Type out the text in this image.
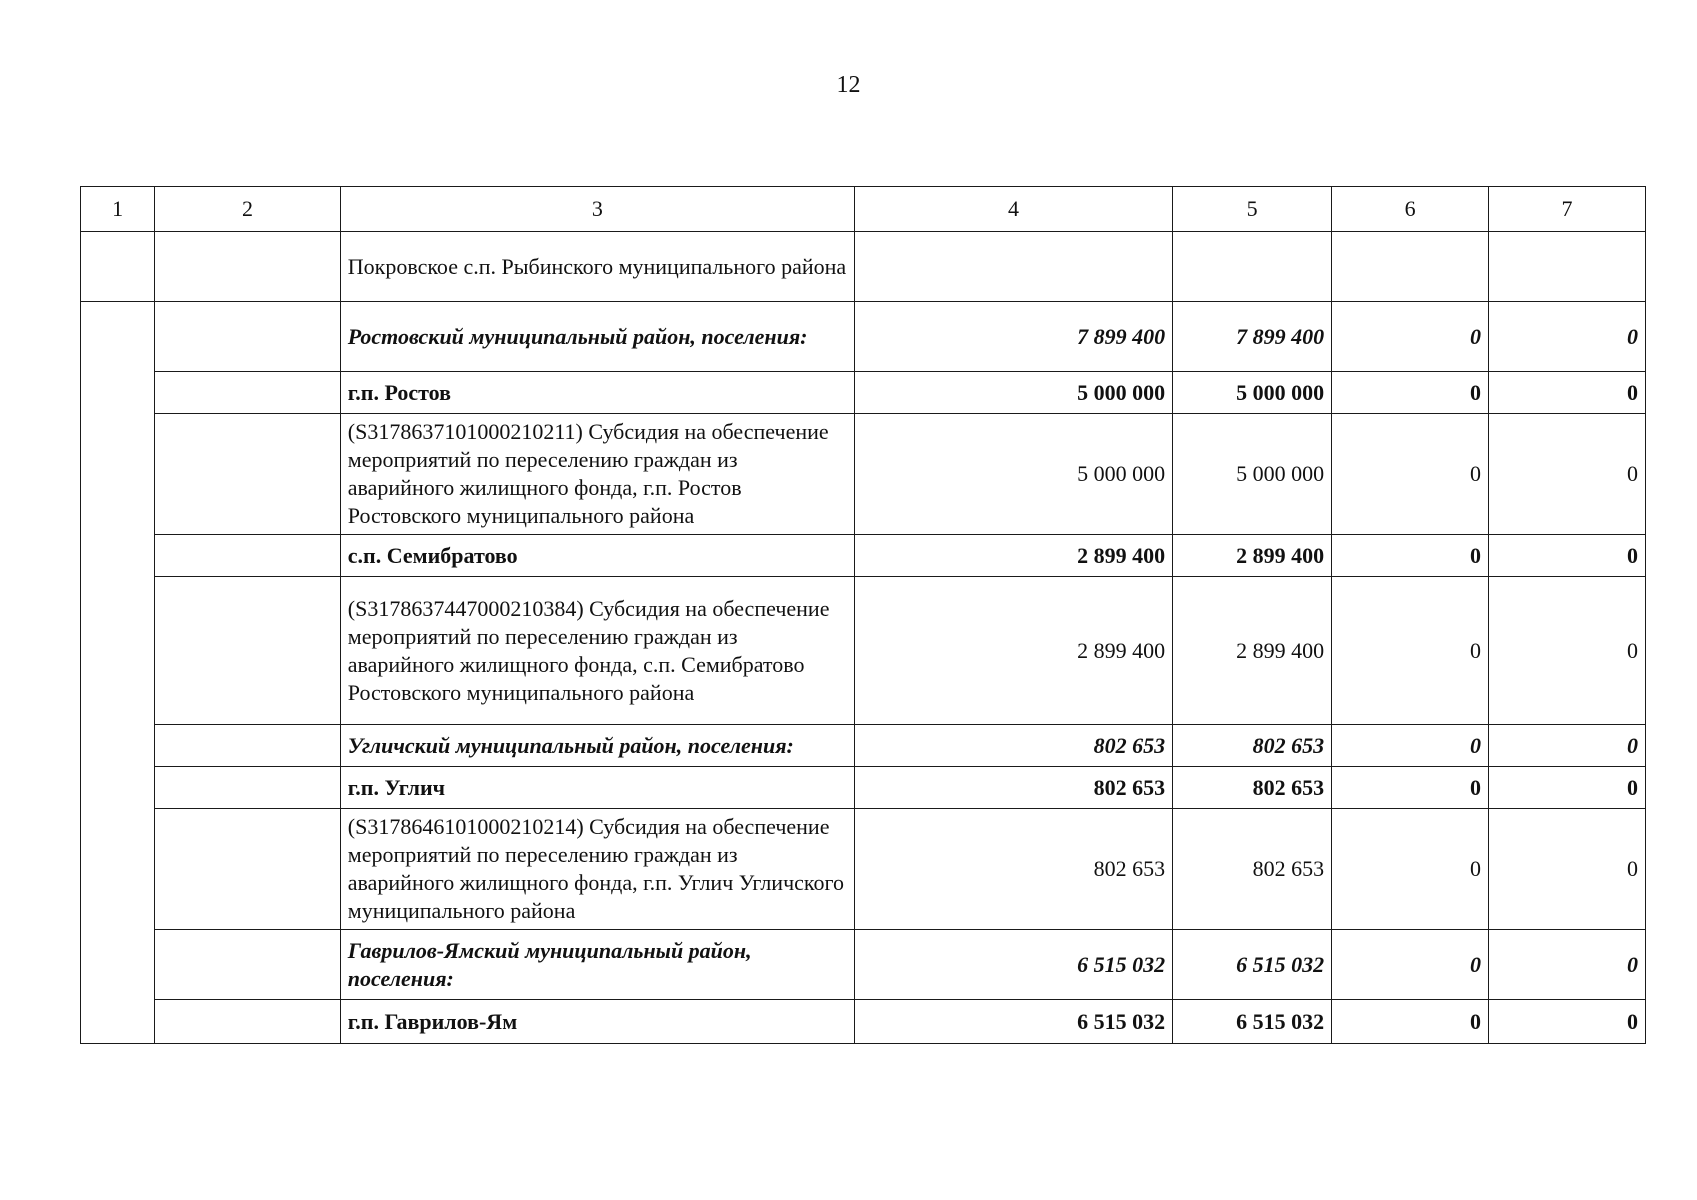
12
1	2	3	4	5	6	7
		Покровское с.п. Рыбинского муниципального района				
		Ростовский муниципальный район, поселения:	7 899 400	7 899 400	0	0
		г.п. Ростов	5 000 000	5 000 000	0	0
		(S3178637101000210211) Субсидия на обеспечение мероприятий по переселению граждан из аварийного жилищного фонда, г.п. Ростов Ростовского муниципального района	5 000 000	5 000 000	0	0
		с.п. Семибратово	2 899 400	2 899 400	0	0
		(S3178637447000210384) Субсидия на обеспечение мероприятий по переселению граждан из аварийного жилищного фонда, с.п. Семибратово Ростовского муниципального района	2 899 400	2 899 400	0	0
		Угличский муниципальный район, поселения:	802 653	802 653	0	0
		г.п. Углич	802 653	802 653	0	0
		(S3178646101000210214) Субсидия на обеспечение мероприятий по переселению граждан из аварийного жилищного фонда, г.п. Углич Угличского муниципального района	802 653	802 653	0	0
		Гаврилов-Ямский муниципальный район, поселения:	6 515 032	6 515 032	0	0
		г.п. Гаврилов-Ям	6 515 032	6 515 032	0	0
